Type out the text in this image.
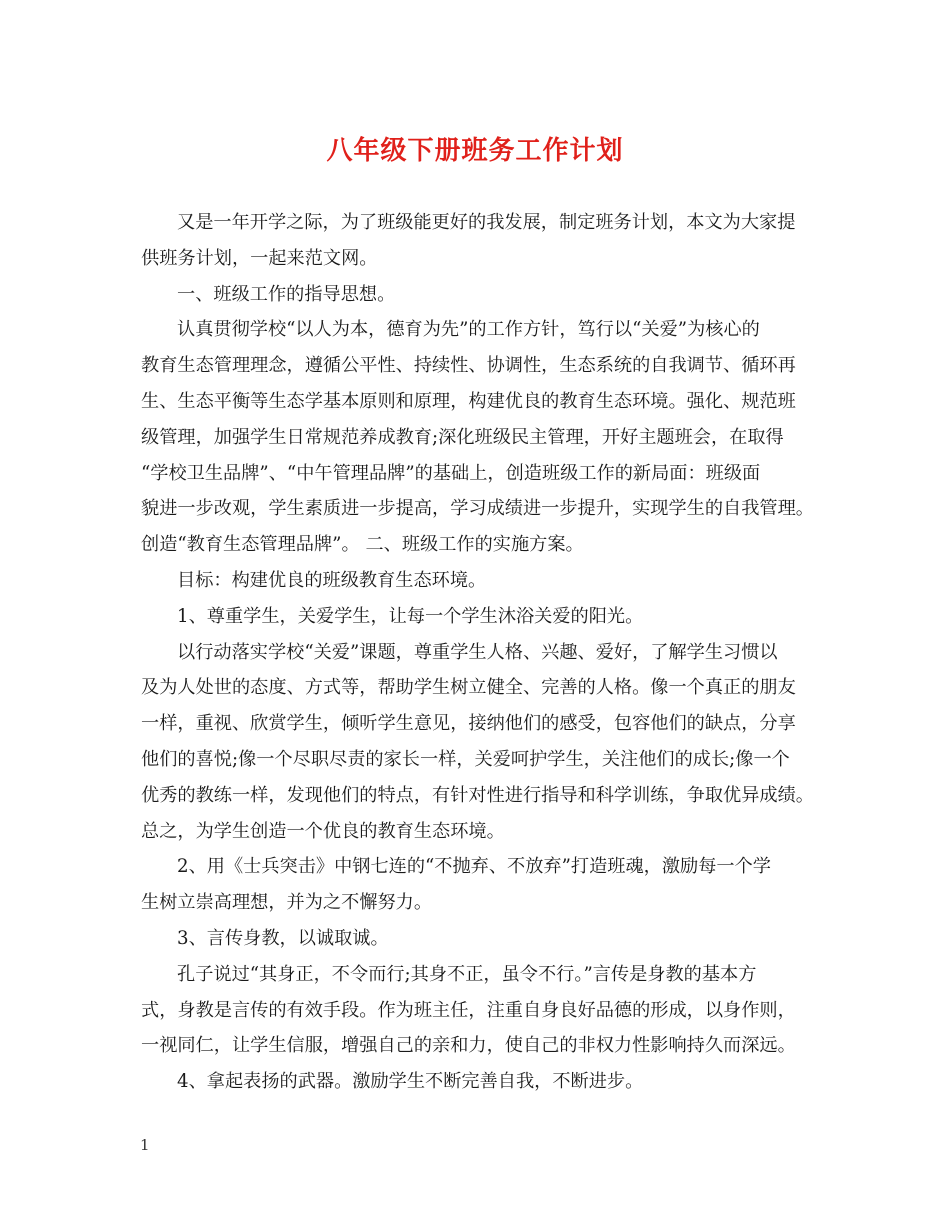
八年级下册班务工作计划
又是一年开学之际，为了班级能更好的我发展，制定班务计划，本文为大家提
供班务计划，一起来范文网。
一、班级工作的指导思想。
认真贯彻学校“以人为本，德育为先”的工作方针，笃行以“关爱”为核心的
教育生态管理理念，遵循公平性、持续性、协调性，生态系统的自我调节、循环再
生、生态平衡等生态学基本原则和原理，构建优良的教育生态环境。强化、规范班
级管理，加强学生日常规范养成教育;深化班级民主管理，开好主题班会，在取得
“学校卫生品牌”、“中午管理品牌”的基础上，创造班级工作的新局面：班级面
貌进一步改观，学生素质进一步提高，学习成绩进一步提升，实现学生的自我管理。
创造“教育生态管理品牌”。 二、班级工作的实施方案。
目标：构建优良的班级教育生态环境。
1、尊重学生，关爱学生，让每一个学生沐浴关爱的阳光。
以行动落实学校“关爱”课题，尊重学生人格、兴趣、爱好，了解学生习惯以
及为人处世的态度、方式等，帮助学生树立健全、完善的人格。像一个真正的朋友
一样，重视、欣赏学生，倾听学生意见，接纳他们的感受，包容他们的缺点，分享
他们的喜悦;像一个尽职尽责的家长一样，关爱呵护学生，关注他们的成长;像一个
优秀的教练一样，发现他们的特点，有针对性进行指导和科学训练，争取优异成绩。
总之，为学生创造一个优良的教育生态环境。
2、用《士兵突击》中钢七连的“不抛弃、不放弃”打造班魂，激励每一个学
生树立崇高理想，并为之不懈努力。
3、言传身教，以诚取诚。
孔子说过“其身正，不令而行;其身不正，虽令不行。”言传是身教的基本方
式，身教是言传的有效手段。作为班主任，注重自身良好品德的形成，以身作则，
一视同仁，让学生信服，增强自己的亲和力，使自己的非权力性影响持久而深远。
4、拿起表扬的武器。激励学生不断完善自我，不断进步。
1
